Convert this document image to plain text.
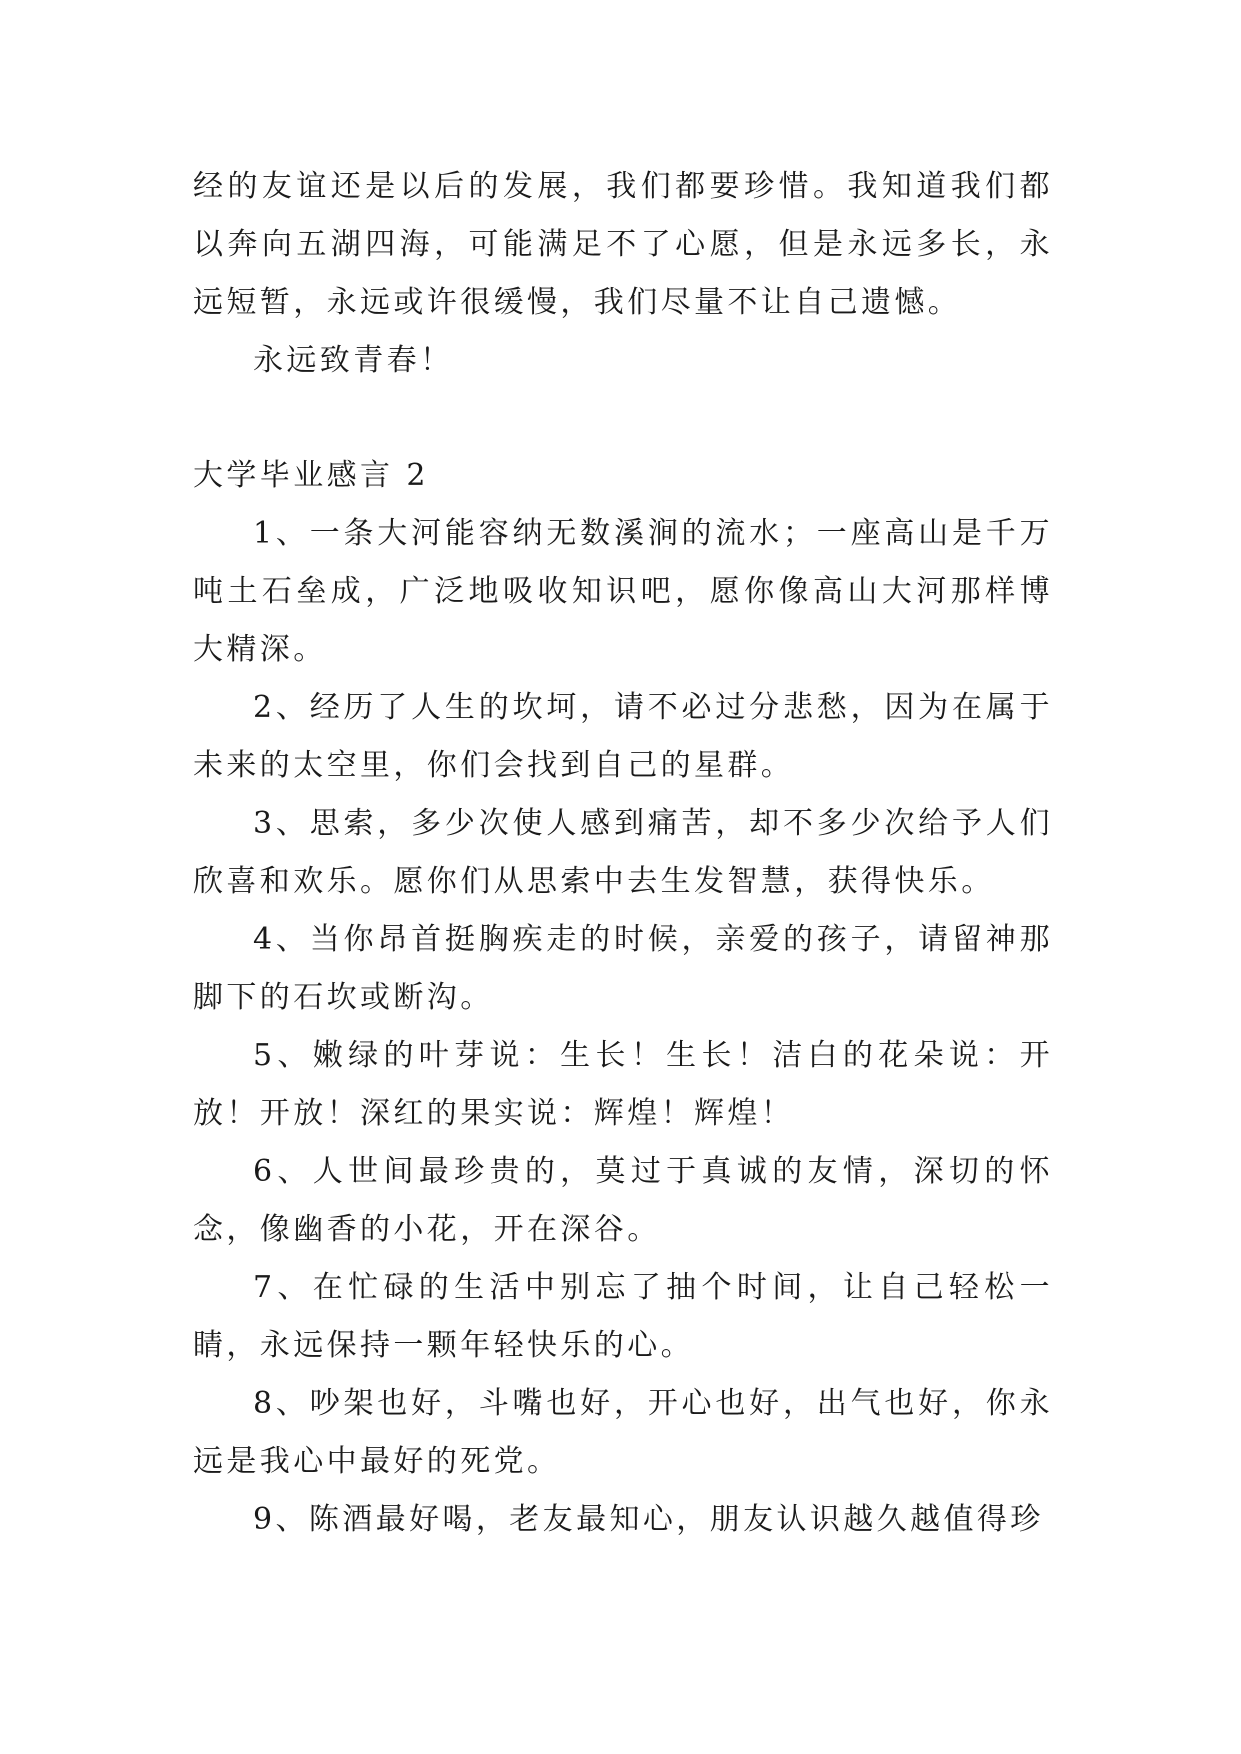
经的友谊还是以后的发展，我们都要珍惜。我知道我们都以奔向五湖四海，可能满足不了心愿，但是永远多长，永远短暂，永远或许很缓慢，我们尽量不让自己遗憾。

永远致青春！

大学毕业感言 2

1、一条大河能容纳无数溪涧的流水；一座高山是千万吨土石垒成，广泛地吸收知识吧，愿你像高山大河那样博大精深。

2、经历了人生的坎坷，请不必过分悲愁，因为在属于未来的太空里，你们会找到自己的星群。

3、思索，多少次使人感到痛苦，却不多少次给予人们欣喜和欢乐。愿你们从思索中去生发智慧，获得快乐。

4、当你昂首挺胸疾走的时候，亲爱的孩子，请留神那脚下的石坎或断沟。

5、嫩绿的叶芽说：生长！生长！洁白的花朵说：开放！开放！深红的果实说：辉煌！辉煌！

6、人世间最珍贵的，莫过于真诚的友情，深切的怀念，像幽香的小花，开在深谷。

7、在忙碌的生活中别忘了抽个时间，让自己轻松一睛，永远保持一颗年轻快乐的心。

8、吵架也好，斗嘴也好，开心也好，出气也好，你永远是我心中最好的死党。

9、陈酒最好喝，老友最知心，朋友认识越久越值得珍
